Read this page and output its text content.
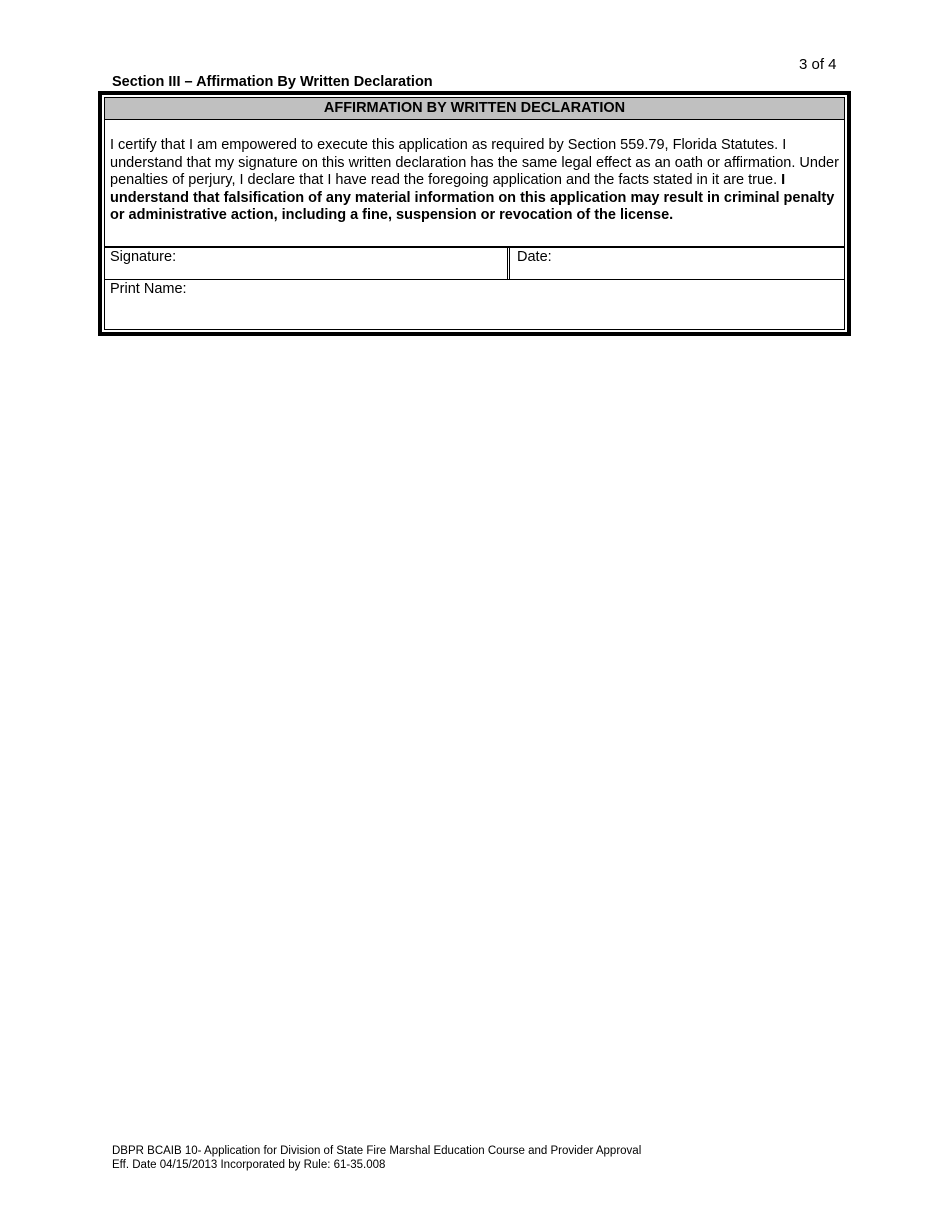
3 of 4
Section III – Affirmation By Written Declaration
AFFIRMATION BY WRITTEN DECLARATION
I certify that I am empowered to execute this application as required by Section 559.79, Florida Statutes. I understand that my signature on this written declaration has the same legal effect as an oath or affirmation. Under penalties of perjury, I declare that I have read the foregoing application and the facts stated in it are true. I understand that falsification of any material information on this application may result in criminal penalty or administrative action, including a fine, suspension or revocation of the license.
Signature:	Date:
Print Name:
DBPR BCAIB 10- Application for Division of State Fire Marshal Education Course and Provider Approval
Eff. Date 04/15/2013 Incorporated by Rule: 61-35.008
